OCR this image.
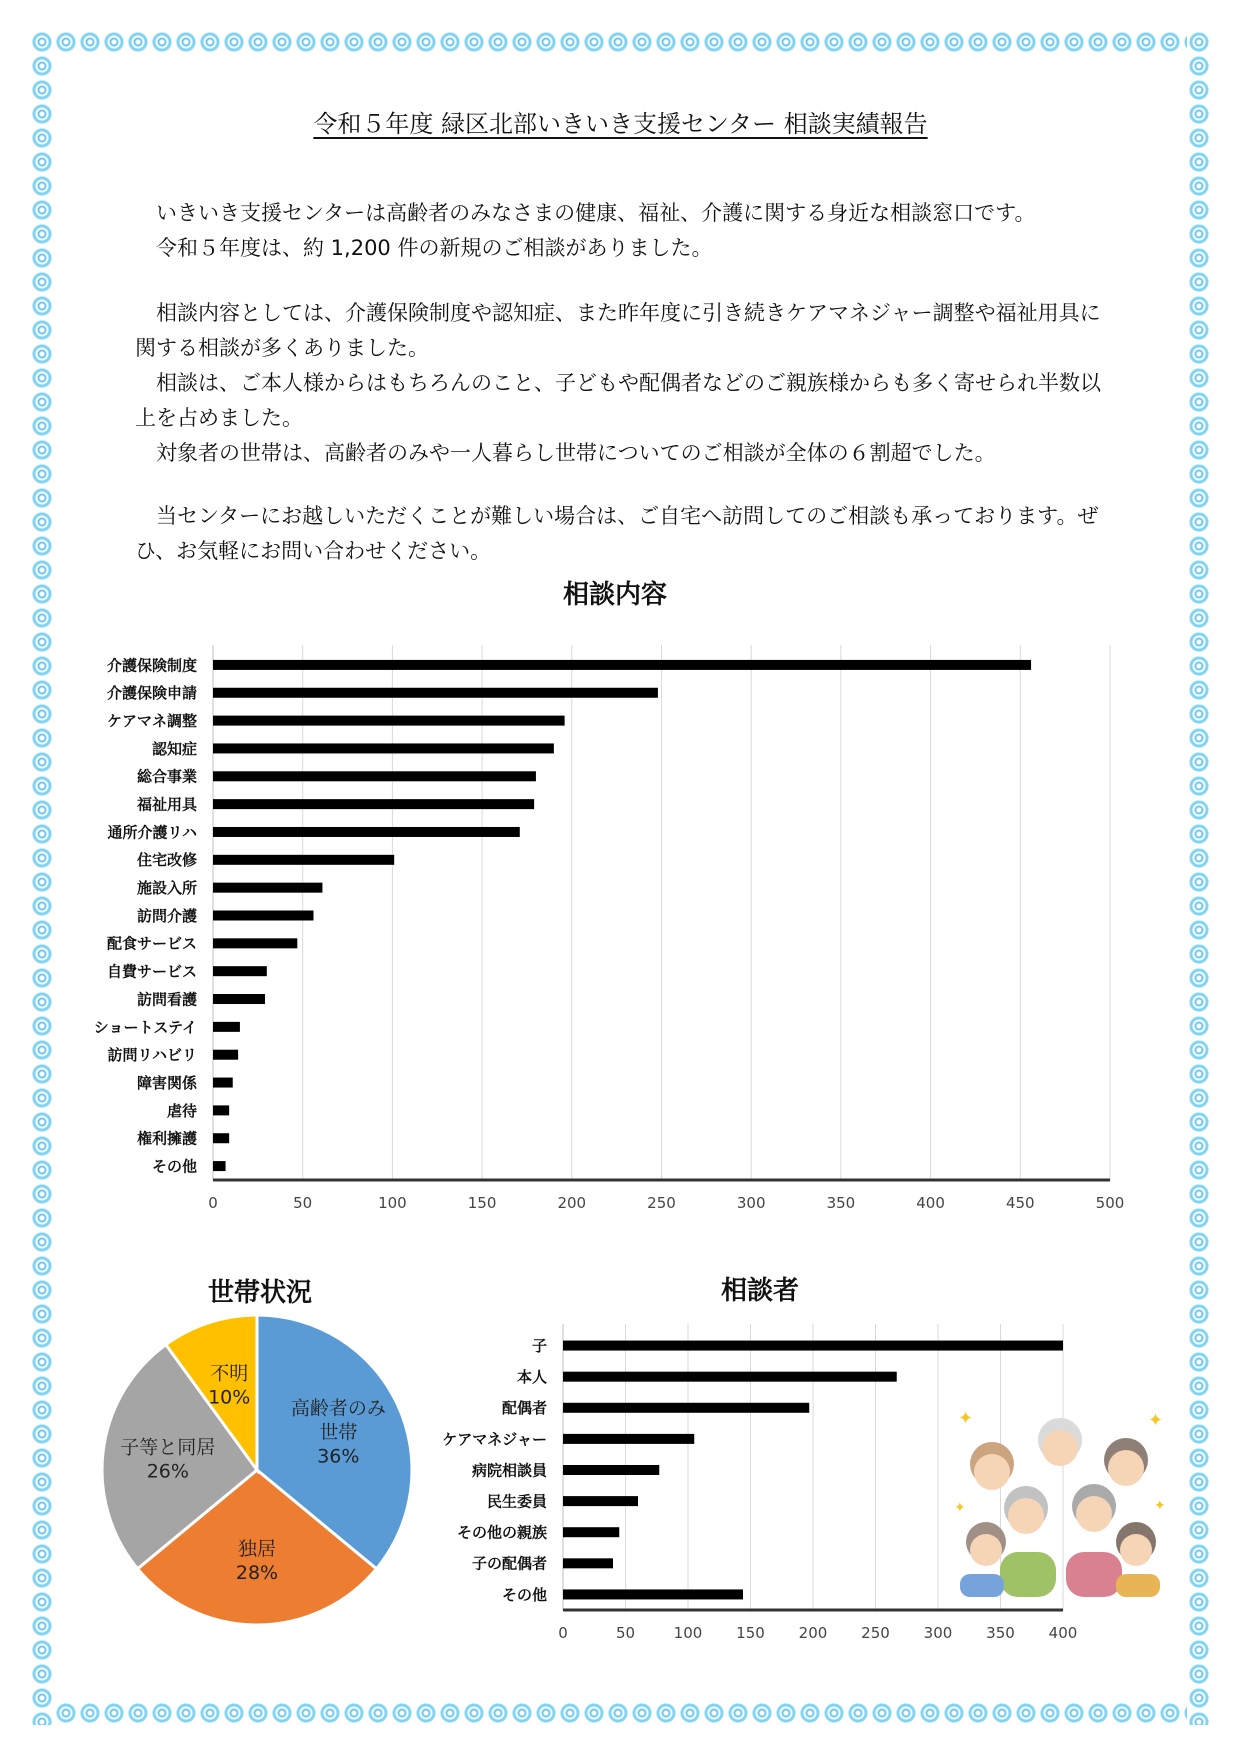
令和５年度 緑区北部いきいき支援センター 相談実績報告

　いきいき支援センターは高齢者のみなさまの健康、福祉、介護に関する身近な相談窓口です。

　令和５年度は、約 1,200 件の新規のご相談がありました。

　相談内容としては、介護保険制度や認知症、また昨年度に引き続きケアマネジャー調整や福祉用具に関する相談が多くありました。

　相談は、ご本人様からはもちろんのこと、子どもや配偶者などのご親族様からも多く寄せられ半数以上を占めました。

　対象者の世帯は、高齢者のみや一人暮らし世帯についてのご相談が全体の６割超でした。

　当センターにお越しいただくことが難しい場合は、ご自宅へ訪問してのご相談も承っております。ぜひ、お気軽にお問い合わせください。

相談内容
0	50	100	150	200	250	300	350	400	450	500
介護保険制度
介護保険申請
ケアマネ調整
認知症
総合事業
福祉用具
通所介護リハ
住宅改修
施設入所
訪問介護
配食サービス
自費サービス
訪問看護
ショートステイ
訪問リハビリ
障害関係
虐待
権利擁護
その他
世帯状況
高齢者のみ
世帯
36%
独居
28%
子等と同居
26%
不明
10%
相談者
0	50	100 150 200 250 300 350 400
子
本人
配偶者
ケアマネジャー
病院相談員
民生委員
その他の親族
子の配偶者
その他
✦	✦
✦	✦
